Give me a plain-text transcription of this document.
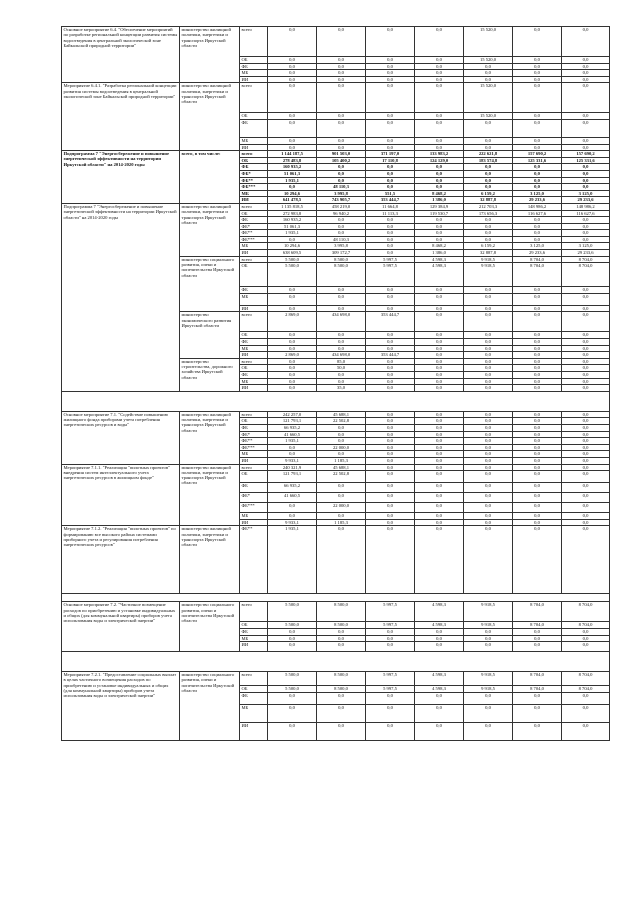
Основное мероприятие 6.4. "Обеспечение мероприятий по разработке региональной концепции развития системы водоотведения в центральной экологической зоне Байкальской природной территории"	министерство жилищной политики, энергетики и транспорта Иркутской области	всего	0,0	0,0	0,0	0,0	15 520,0	0,0	0,0
		ОБ	0,0	0,0	0,0	0,0	15 520,0	0,0	0,0
		ФБ	0,0	0,0	0,0	0,0	0,0	0,0	0,0
		МБ	0,0	0,0	0,0	0,0	0,0	0,0	0,0
		ИИ	0,0	0,0	0,0	0,0	0,0	0,0	0,0
Мероприятие 6.4.1. "Разработка региональной концепции развития системы водоотведения в центральной экологической зоне Байкальской природной территории"	министерство жилищной политики, энергетики и транспорта Иркутской области	всего	0,0	0,0	0,0	0,0	15 520,0	0,0	0,0
		ОБ	0,0	0,0	0,0	0,0	15 520,0	0,0	0,0
		ФБ	0,0	0,0	0,0	0,0	0,0	0,0	0,0
		МБ	0,0	0,0	0,0	0,0	0,0	0,0	0,0
		ИИ	0,0	0,0	0,0	0,0	0,0	0,0	0,0
Подпрограмма 7 "Энергосбережение и повышение энергетической эффективности на территории Иркутской области" на 2014-2020 годы	всего, в том числе:	всего	1 144 187,5	901 503,0	371 197,0	133 983,2	222 621,8	157 690,2	157 690,2
		ОБ	278 483,8	105 400,2	17 110,8	124 129,0	183 574,8	125 331,6	125 331,6
		ФБ	160 935,2	0,0	0,0	0,0	0,0	0,0	0,0
		ФБ*	51 061,3	0,0	0,0	0,0	0,0	0,0	0,0
		ФБ**	1 935,1	0,0	0,0	0,0	0,0	0,0	0,0
		ФБ***	0,0	48 110,3	0,0	0,0	0,0	0,0	0,0
		МБ	10 294,6	3 995,8	551,5	8 468,2	6 159,2	3 125,0	3 125,0
		ИИ	641 478,5	743 905,7	353 444,7	1 386,0	32 887,8	29 233,6	29 233,6
Подпрограмма 7 "Энергосбережение и повышение энергетической эффективности на территории Иркутской области" на 2014-2020 годы	министерство жилищной политики, энергетики и транспорта Иркутской области	всего	1 135 818,5	458 219,0	11 664,8	129 384,9	212 703,3	148 986,2	148 986,2
		ОБ	272 983,8	96 940,2	11 113,3	119 530,7	173 656,3	116 627,6	116 627,6
		ФБ	160 935,2	0,0	0,0	0,0	0,0	0,0	0,0
		ФБ*	51 061,3	0,0	0,0	0,0	0,0	0,0	0,0
		ФБ**	1 935,1	0,0	0,0	0,0	0,0	0,0	0,0
		ФБ***	0,0	48 110,3	0,0	0,0	0,0	0,0	0,0
		МБ	10 294,6	3 995,8	0,0	8 468,2	6 159,2	3 125,0	3 125,0
		ИИ	638 609,5	309 172,7	0,0	1 386,0	32 887,8	29 233,6	29 233,6
	министерство социального развития, опеки и попечительства Иркутской области	всего	5 500,0	8 500,0	5 997,5	4 598,3	9 918,5	8 704,0	8 704,0
		ОБ	5 500,0	8 500,0	5 997,5	4 598,3	9 918,5	8 704,0	8 704,0
		ФБ	0,0	0,0	0,0	0,0	0,0	0,0	0,0
		МБ	0,0	0,0	0,0	0,0	0,0	0,0	0,0
		ИИ	0,0	0,0	0,0	0,0	0,0	0,0	0,0
	министерство экономического развития Иркутской области	всего	2 869,0	434 698,0	353 444,7	0,0	0,0	0,0	0,0
		ОБ	0,0	0,0	0,0	0,0	0,0	0,0	0,0
		ФБ	0,0	0,0	0,0	0,0	0,0	0,0	0,0
		МБ	0,0	0,0	0,0	0,0	0,0	0,0	0,0
		ИИ	2 869,0	434 698,0	353 444,7	0,0	0,0	0,0	0,0
	министерство строительства, дорожного хозяйства Иркутской области	всего	0,0	85,0	0,0	0,0	0,0	0,0	0,0
		ОБ	0,0	50,0	0,0	0,0	0,0	0,0	0,0
		ФБ	0,0	0,0	0,0	0,0	0,0	0,0	0,0
		МБ	0,0	0,0	0,0	0,0	0,0	0,0	0,0
		ИИ	0,0	35,0	0,0	0,0	0,0	0,0	0,0

Основное мероприятие 7.1. "Содействие повышению жилищного фонда приборами учета потребления энергетических ресурсов и воды"	министерство жилищной политики, энергетики и транспорта Иркутской области	всего	242 257,0	45 688,1	0,0	0,0	0,0	0,0	0,0
		ОБ	121 793,1	22 502,8	0,0	0,0	0,0	0,0	0,0
		ФБ	66 935,2	0,0	0,0	0,0	0,0	0,0	0,0
		ФБ*	41 660,5	0,0	0,0	0,0	0,0	0,0	0,0
		ФБ**	1 935,1	0,0	0,0	0,0	0,0	0,0	0,0
		ФБ***	0,0	22 000,0	0,0	0,0	0,0	0,0	0,0
		МБ	0,0	0,0	0,0	0,0	0,0	0,0	0,0
		ИИ	9 933,1	1 185,3	0,0	0,0	0,0	0,0	0,0
Мероприятие 7.1.1. "Реализация "пилотных проектов" внедрения систем интеллектуального учета энергетических ресурсов в жилищном фонде"	министерство жилищной политики, энергетики и транспорта Иркутской области	всего	240 321,9	45 688,1	0,0	0,0	0,0	0,0	0,0
		ОБ	121 793,1	22 502,8	0,0	0,0	0,0	0,0	0,0
		ФБ	66 935,2	0,0	0,0	0,0	0,0	0,0	0,0
		ФБ*	41 660,5	0,0	0,0	0,0	0,0	0,0	0,0
		ФБ***	0,0	22 000,0	0,0	0,0	0,0	0,0	0,0
		МБ	0,0	0,0	0,0	0,0	0,0	0,0	0,0
		ИИ	9 933,1	1 185,3	0,0	0,0	0,0	0,0	0,0
Мероприятие 7.1.2. "Реализация "пилотных проектов" по формированию все высокого района системами приборного учета и регулирования потребления энергетических ресурсов"	министерство жилищной политики, энергетики и транспорта Иркутской области	ФБ**	1 935,1	0,0	0,0	0,0	0,0	0,0	0,0

Основное мероприятие 7.2. "Частичное возмещение расходов по приобретению и установке индивидуальных и общих (для коммунальной квартиры) приборов учета использования воды и электрической энергии"	министерство социального развития, опеки и попечительства Иркутской области	всего	5 500,0	8 500,0	5 997,5	4 598,3	9 918,5	8 704,0	8 704,0
		ОБ	5 500,0	8 500,0	5 997,5	4 598,3	9 918,5	8 704,0	8 704,0
		ФБ	0,0	0,0	0,0	0,0	0,0	0,0	0,0
		МБ	0,0	0,0	0,0	0,0	0,0	0,0	0,0
		ИИ	0,0	0,0	0,0	0,0	0,0	0,0	0,0

Мероприятие 7.2.1. "Предоставление социальных выплат в целях частичного возмещения расходов по приобретению и установке индивидуальных и общих (для коммунальной квартиры) приборов учета использования воды и электрической энергии"	министерство социального развития, опеки и попечительства Иркутской области	всего	5 500,0	8 500,0	5 997,5	4 598,3	9 918,5	8 704,0	8 704,0
		ОБ	5 500,0	8 500,0	5 997,5	4 598,3	9 918,5	8 704,0	8 704,0
		ФБ	0,0	0,0	0,0	0,0	0,0	0,0	0,0
		МБ	0,0	0,0	0,0	0,0	0,0	0,0	0,0
		ИИ	0,0	0,0	0,0	0,0	0,0	0,0	0,0
